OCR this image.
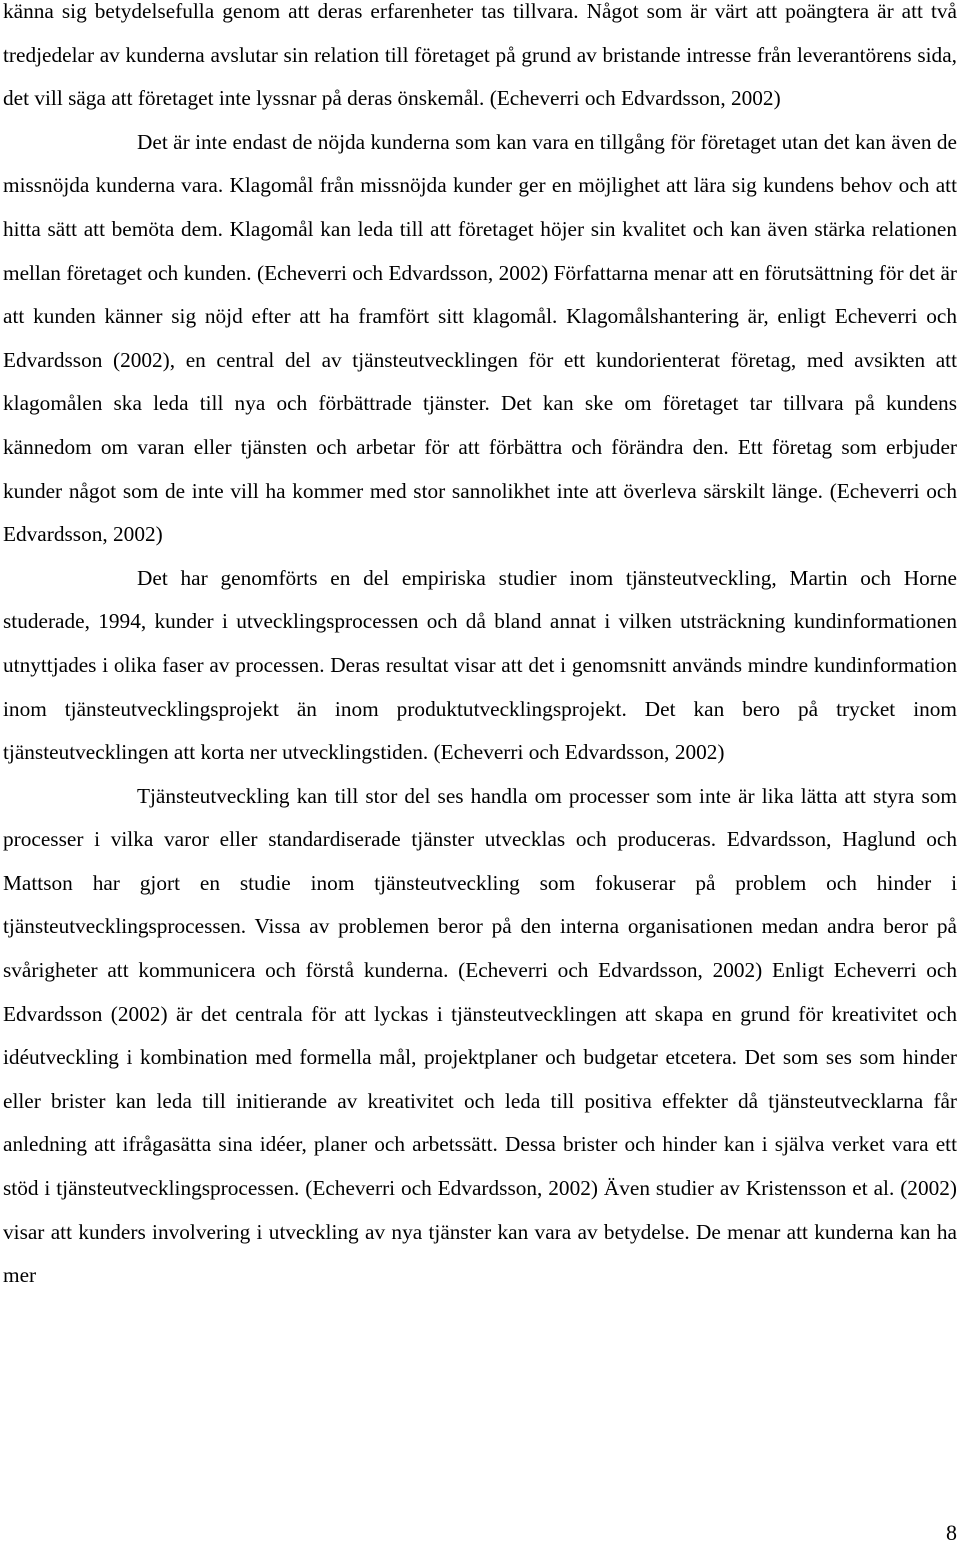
känna sig betydelsefulla genom att deras erfarenheter tas tillvara. Något som är värt att poängtera är att två tredjedelar av kunderna avslutar sin relation till företaget på grund av bristande intresse från leverantörens sida, det vill säga att företaget inte lyssnar på deras önskemål. (Echeverri och Edvardsson, 2002)

Det är inte endast de nöjda kunderna som kan vara en tillgång för företaget utan det kan även de missnöjda kunderna vara. Klagomål från missnöjda kunder ger en möjlighet att lära sig kundens behov och att hitta sätt att bemöta dem. Klagomål kan leda till att företaget höjer sin kvalitet och kan även stärka relationen mellan företaget och kunden. (Echeverri och Edvardsson, 2002) Författarna menar att en förutsättning för det är att kunden känner sig nöjd efter att ha framfört sitt klagomål. Klagomålshantering är, enligt Echeverri och Edvardsson (2002), en central del av tjänsteutvecklingen för ett kundorienterat företag, med avsikten att klagomålen ska leda till nya och förbättrade tjänster. Det kan ske om företaget tar tillvara på kundens kännedom om varan eller tjänsten och arbetar för att förbättra och förändra den. Ett företag som erbjuder kunder något som de inte vill ha kommer med stor sannolikhet inte att överleva särskilt länge. (Echeverri och Edvardsson, 2002)

Det har genomförts en del empiriska studier inom tjänsteutveckling, Martin och Horne studerade, 1994, kunder i utvecklingsprocessen och då bland annat i vilken utsträckning kundinformationen utnyttjades i olika faser av processen. Deras resultat visar att det i genomsnitt används mindre kundinformation inom tjänsteutvecklingsprojekt än inom produktutvecklingsprojekt. Det kan bero på trycket inom tjänsteutvecklingen att korta ner utvecklingstiden. (Echeverri och Edvardsson, 2002)

Tjänsteutveckling kan till stor del ses handla om processer som inte är lika lätta att styra som processer i vilka varor eller standardiserade tjänster utvecklas och produceras. Edvardsson, Haglund och Mattson har gjort en studie inom tjänsteutveckling som fokuserar på problem och hinder i tjänsteutvecklingsprocessen. Vissa av problemen beror på den interna organisationen medan andra beror på svårigheter att kommunicera och förstå kunderna. (Echeverri och Edvardsson, 2002) Enligt Echeverri och Edvardsson (2002) är det centrala för att lyckas i tjänsteutvecklingen att skapa en grund för kreativitet och idéutveckling i kombination med formella mål, projektplaner och budgetar etcetera. Det som ses som hinder eller brister kan leda till initierande av kreativitet och leda till positiva effekter då tjänsteutvecklarna får anledning att ifrågasätta sina idéer, planer och arbetssätt. Dessa brister och hinder kan i själva verket vara ett stöd i tjänsteutvecklingsprocessen. (Echeverri och Edvardsson, 2002) Även studier av Kristensson et al. (2002) visar att kunders involvering i utveckling av nya tjänster kan vara av betydelse. De menar att kunderna kan ha mer

8
